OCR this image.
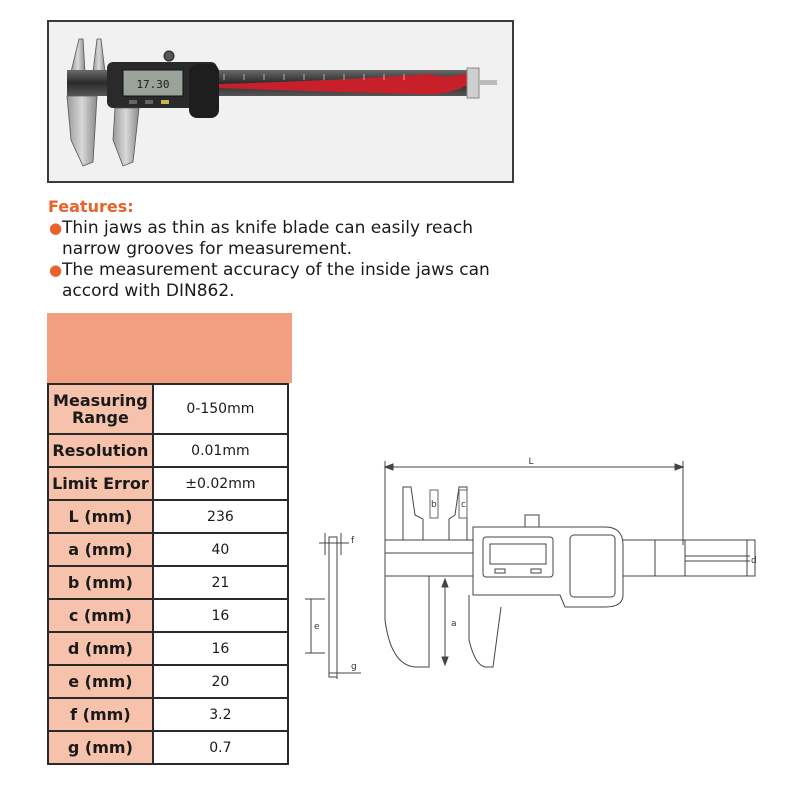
17.30
Features:
● Thin jaws as thin as knife blade can easily reach narrow grooves for measurement.
● The measurement accuracy of the inside jaws can accord with DIN862.
Measuring Range	0-150mm
Resolution	0.01mm
Limit Error	±0.02mm
L (mm)	236
a (mm)	40
b (mm)	21
c (mm)	16
d (mm)	16
e (mm)	20
f (mm)	3.2
g (mm)	0.7
L
a
b	c
d
e
f
g
